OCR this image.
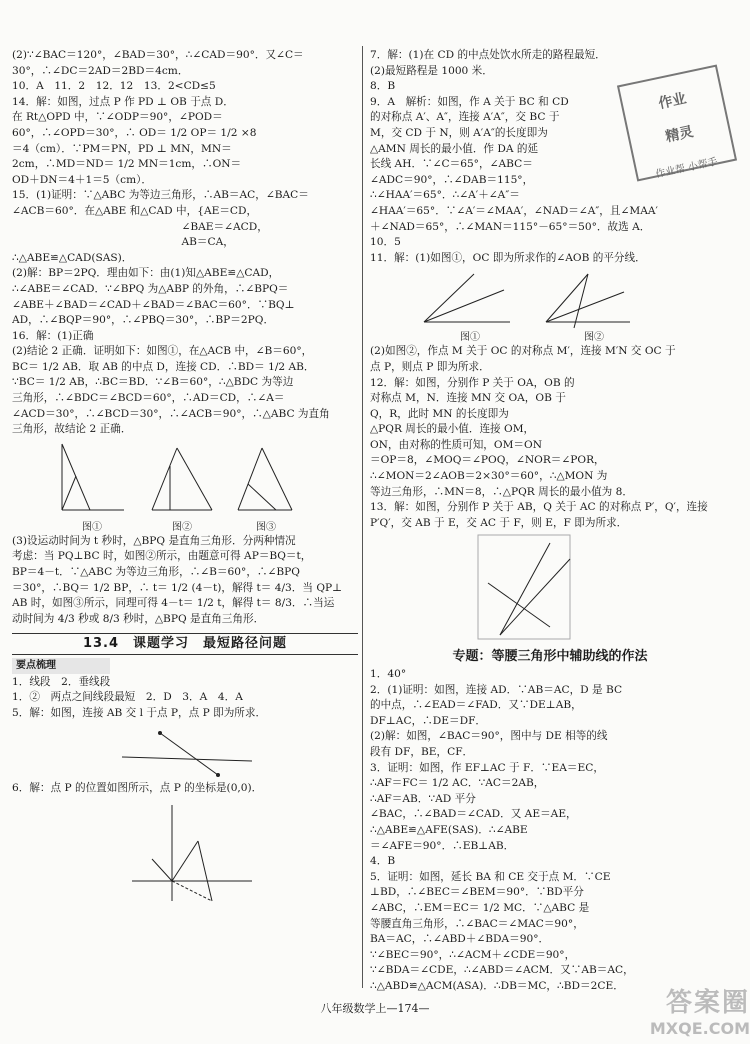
(2)∵∠BAC＝120°，∠BAD＝30°，∴∠CAD＝90°．又∠C＝
30°，∴∠DC＝2AD＝2BD＝4cm．
10．A　11．2　12．12　13．2<CD≤5
14．解：如图，过点 P 作 PD ⊥ OB 于点 D．
在 Rt△OPD 中，∵∠ODP＝90°，∠POD＝
60°，∴∠OPD＝30°，∴ OD＝ 1/2 OP＝ 1/2 ×8
＝4（cm）．∵PM＝PN，PD ⊥ MN，MN＝
2cm，∴MD＝ND＝ 1/2 MN＝1cm，∴ON＝
OD＋DN＝4＋1＝5（cm）．
15．(1)证明：∵△ABC 为等边三角形，∴AB＝AC，∠BAC＝
∠ACB＝60°．在△ABE 和△CAD 中，{AE＝CD，
　　　　　　　　　　　　　　　　∠BAE＝∠ACD，
　　　　　　　　　　　　　　　　AB＝CA，
∴△ABE≌△CAD(SAS)．
(2)解：BP＝2PQ．理由如下：由(1)知△ABE≌△CAD，
∴∠ABE＝∠CAD．∵∠BPQ 为△ABP 的外角，∴∠BPQ＝
∠ABE＋∠BAD＝∠CAD＋∠BAD＝∠BAC＝60°．∵BQ⊥
AD，∴∠BQP＝90°，∴∠PBQ＝30°，∴BP＝2PQ．
16．解：(1)正确
(2)结论 2 正确．证明如下：如图①，在△ACB 中，∠B＝60°，
BC＝ 1/2 AB．取 AB 的中点 D，连接 CD．∴BD＝ 1/2 AB．
∵BC＝ 1/2 AB，∴BC＝BD．∵∠B＝60°，∴△BDC 为等边
三角形，∴∠BDC＝∠BCD＝60°，∴AD＝CD，∴∠A＝
∠ACD＝30°，∴∠BCD＝30°，∴∠ACB＝90°，∴△ABC 为直角
三角形，故结论 2 正确．
图①	图②	图③
(3)设运动时间为 t 秒时，△BPQ 是直角三角形．分两种情况
考虑：当 PQ⊥BC 时，如图②所示，由题意可得 AP＝BQ＝t，
BP＝4－t．∵△ABC 为等边三角形，∴∠B＝60°，∴∠BPQ
＝30°，∴BQ＝ 1/2 BP，∴ t＝ 1/2 (4－t)，解得 t＝ 4/3．当 QP⊥
AB 时，如图③所示，同理可得 4－t＝ 1/2 t，解得 t＝ 8/3．∴当运
动时间为 4/3 秒或 8/3 秒时，△BPQ 是直角三角形．
13.4　课题学习　最短路径问题
要点梳理
1．线段　2．垂线段
1．②　两点之间线段最短　2．D　3．A　4．A
5．解：如图，连接 AB 交 l 于点 P，点 P 即为所求．
6．解：点 P 的位置如图所示，点 P 的坐标是(0,0)．
7．解：(1)在 CD 的中点处饮水所走的路程最短．
(2)最短路程是 1000 米．
8．B
9．A　解析：如图，作 A 关于 BC 和 CD
的对称点 A′、A″，连接 A′A″，交 BC 于
M，交 CD 于 N，则 A′A″的长度即为
△AMN 周长的最小值．作 DA 的延
长线 AH．∵∠C＝65°，∠ABC＝
∠ADC＝90°，∴∠DAB＝115°，
∴∠HAA′＝65°．∴∠A′＋∠A″＝
∠HAA′＝65°．∵∠A′＝∠MAA′，∠NAD＝∠A″，且∠MAA′
＋∠NAD＝65°，∴∠MAN＝115°－65°＝50°．故选 A．
10．5
11．解：(1)如图①，OC 即为所求作的∠AOB 的平分线．
图①	图②
(2)如图②，作点 M 关于 OC 的对称点 M′，连接 M′N 交 OC 于
点 P，则点 P 即为所求．
12．解：如图，分别作 P 关于 OA，OB 的
对称点 M，N．连接 MN 交 OA，OB 于
Q，R，此时 MN 的长度即为
△PQR 周长的最小值．连接 OM，
ON，由对称的性质可知，OM＝ON
＝OP＝8，∠MOQ＝∠POQ，∠NOR＝∠POR，
∴∠MON＝2∠AOB＝2×30°＝60°，∴△MON 为
等边三角形，∴MN＝8，∴△PQR 周长的最小值为 8．
13．解：如图，分别作 P 关于 AB，Q 关于 AC 的对称点 P′，Q′，连接
P′Q′，交 AB 于 E，交 AC 于 F，则 E，F 即为所求．
专题：等腰三角形中辅助线的作法
1．40°
2．(1)证明：如图，连接 AD．∵AB＝AC，D 是 BC
的中点，∴∠EAD＝∠FAD．又∵DE⊥AB，
DF⊥AC，∴DE＝DF．
(2)解：如图，∠BAC＝90°，图中与 DE 相等的线
段有 DF，BE，CF．
3．证明：如图，作 EF⊥AC 于 F．∵EA＝EC，
∴AF＝FC＝ 1/2 AC．∵AC＝2AB，
∴AF＝AB．∵AD 平分
∠BAC，∴∠BAD＝∠CAD．又 AE＝AE，
∴△ABE≌△AFE(SAS)．∴∠ABE
＝∠AFE＝90°．∴EB⊥AB．
4．B
5．证明：如图，延长 BA 和 CE 交于点 M．∵CE
⊥BD，∴∠BEC＝∠BEM＝90°．∵BD平分
∠ABC，∴EM＝EC＝ 1/2 MC．∵△ABC 是
等腰直角三角形，∴∠BAC＝∠MAC＝90°，
BA＝AC，∴∠ABD＋∠BDA＝90°．
∵∠BEC＝90°，∴∠ACM＋∠CDE＝90°，
∵∠BDA＝∠CDE，∴∠ABD＝∠ACM．又∵AB＝AC，
∴△ABD≌△ACM(ASA)．∴DB＝MC，∴BD＝2CE．
作业
精灵
作业帮 小帮手
八年级数学上—174—	答案圈
MXQE.COM
